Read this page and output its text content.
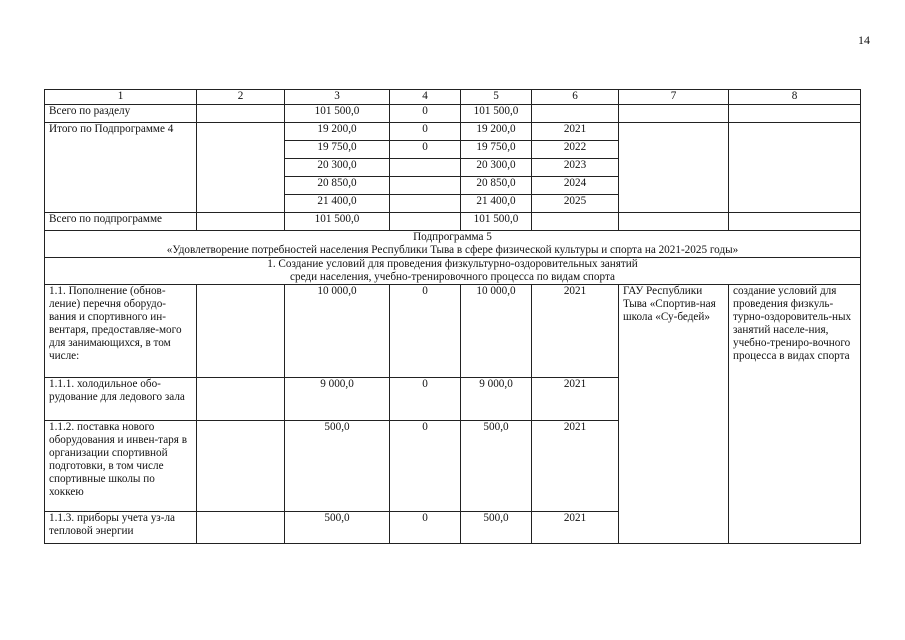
14
1	2	3	4	5	6	7	8
Всего по разделу		101 500,0	0	101 500,0			
Итого по Подпрограмме 4		19 200,0	0	19 200,0	2021		
		19 750,0	0	19 750,0	2022		
		20 300,0		20 300,0	2023		
		20 850,0		20 850,0	2024		
		21 400,0		21 400,0	2025		
Всего по подпрограмме		101 500,0		101 500,0			

Подпрограмма 5
«Удовлетворение потребностей населения Республики Тыва в сфере физической культуры и спорта на 2021-2025 годы»							

1. Создание условий для проведения физкультурно-оздоровительных занятий
среди населения, учебно-тренировочного процесса по видам спорта							

1.1. Пополнение (обнов-ление) перечня оборудо-вания и спортивного ин-вентаря, предоставляе-мого для занимающихся, в том числе:		10 000,0	0	10 000,0	2021	ГАУ Республики Тыва «Спортив-ная школа «Су-бедей»	создание условий для проведения физкуль-турно-оздоровитель-ных занятий населе-ния, учебно-трениро-вочного процесса в видах спорта
1.1.1. холодильное обо-рудование для ледового зала		9 000,0	0	9 000,0	2021		
1.1.2. поставка нового оборудования и инвен-таря в организации спортивной подготовки, в том числе спортивные школы по хоккею		500,0	0	500,0	2021		
1.1.3. приборы учета уз-ла тепловой энергии		500,0	0	500,0	2021		
